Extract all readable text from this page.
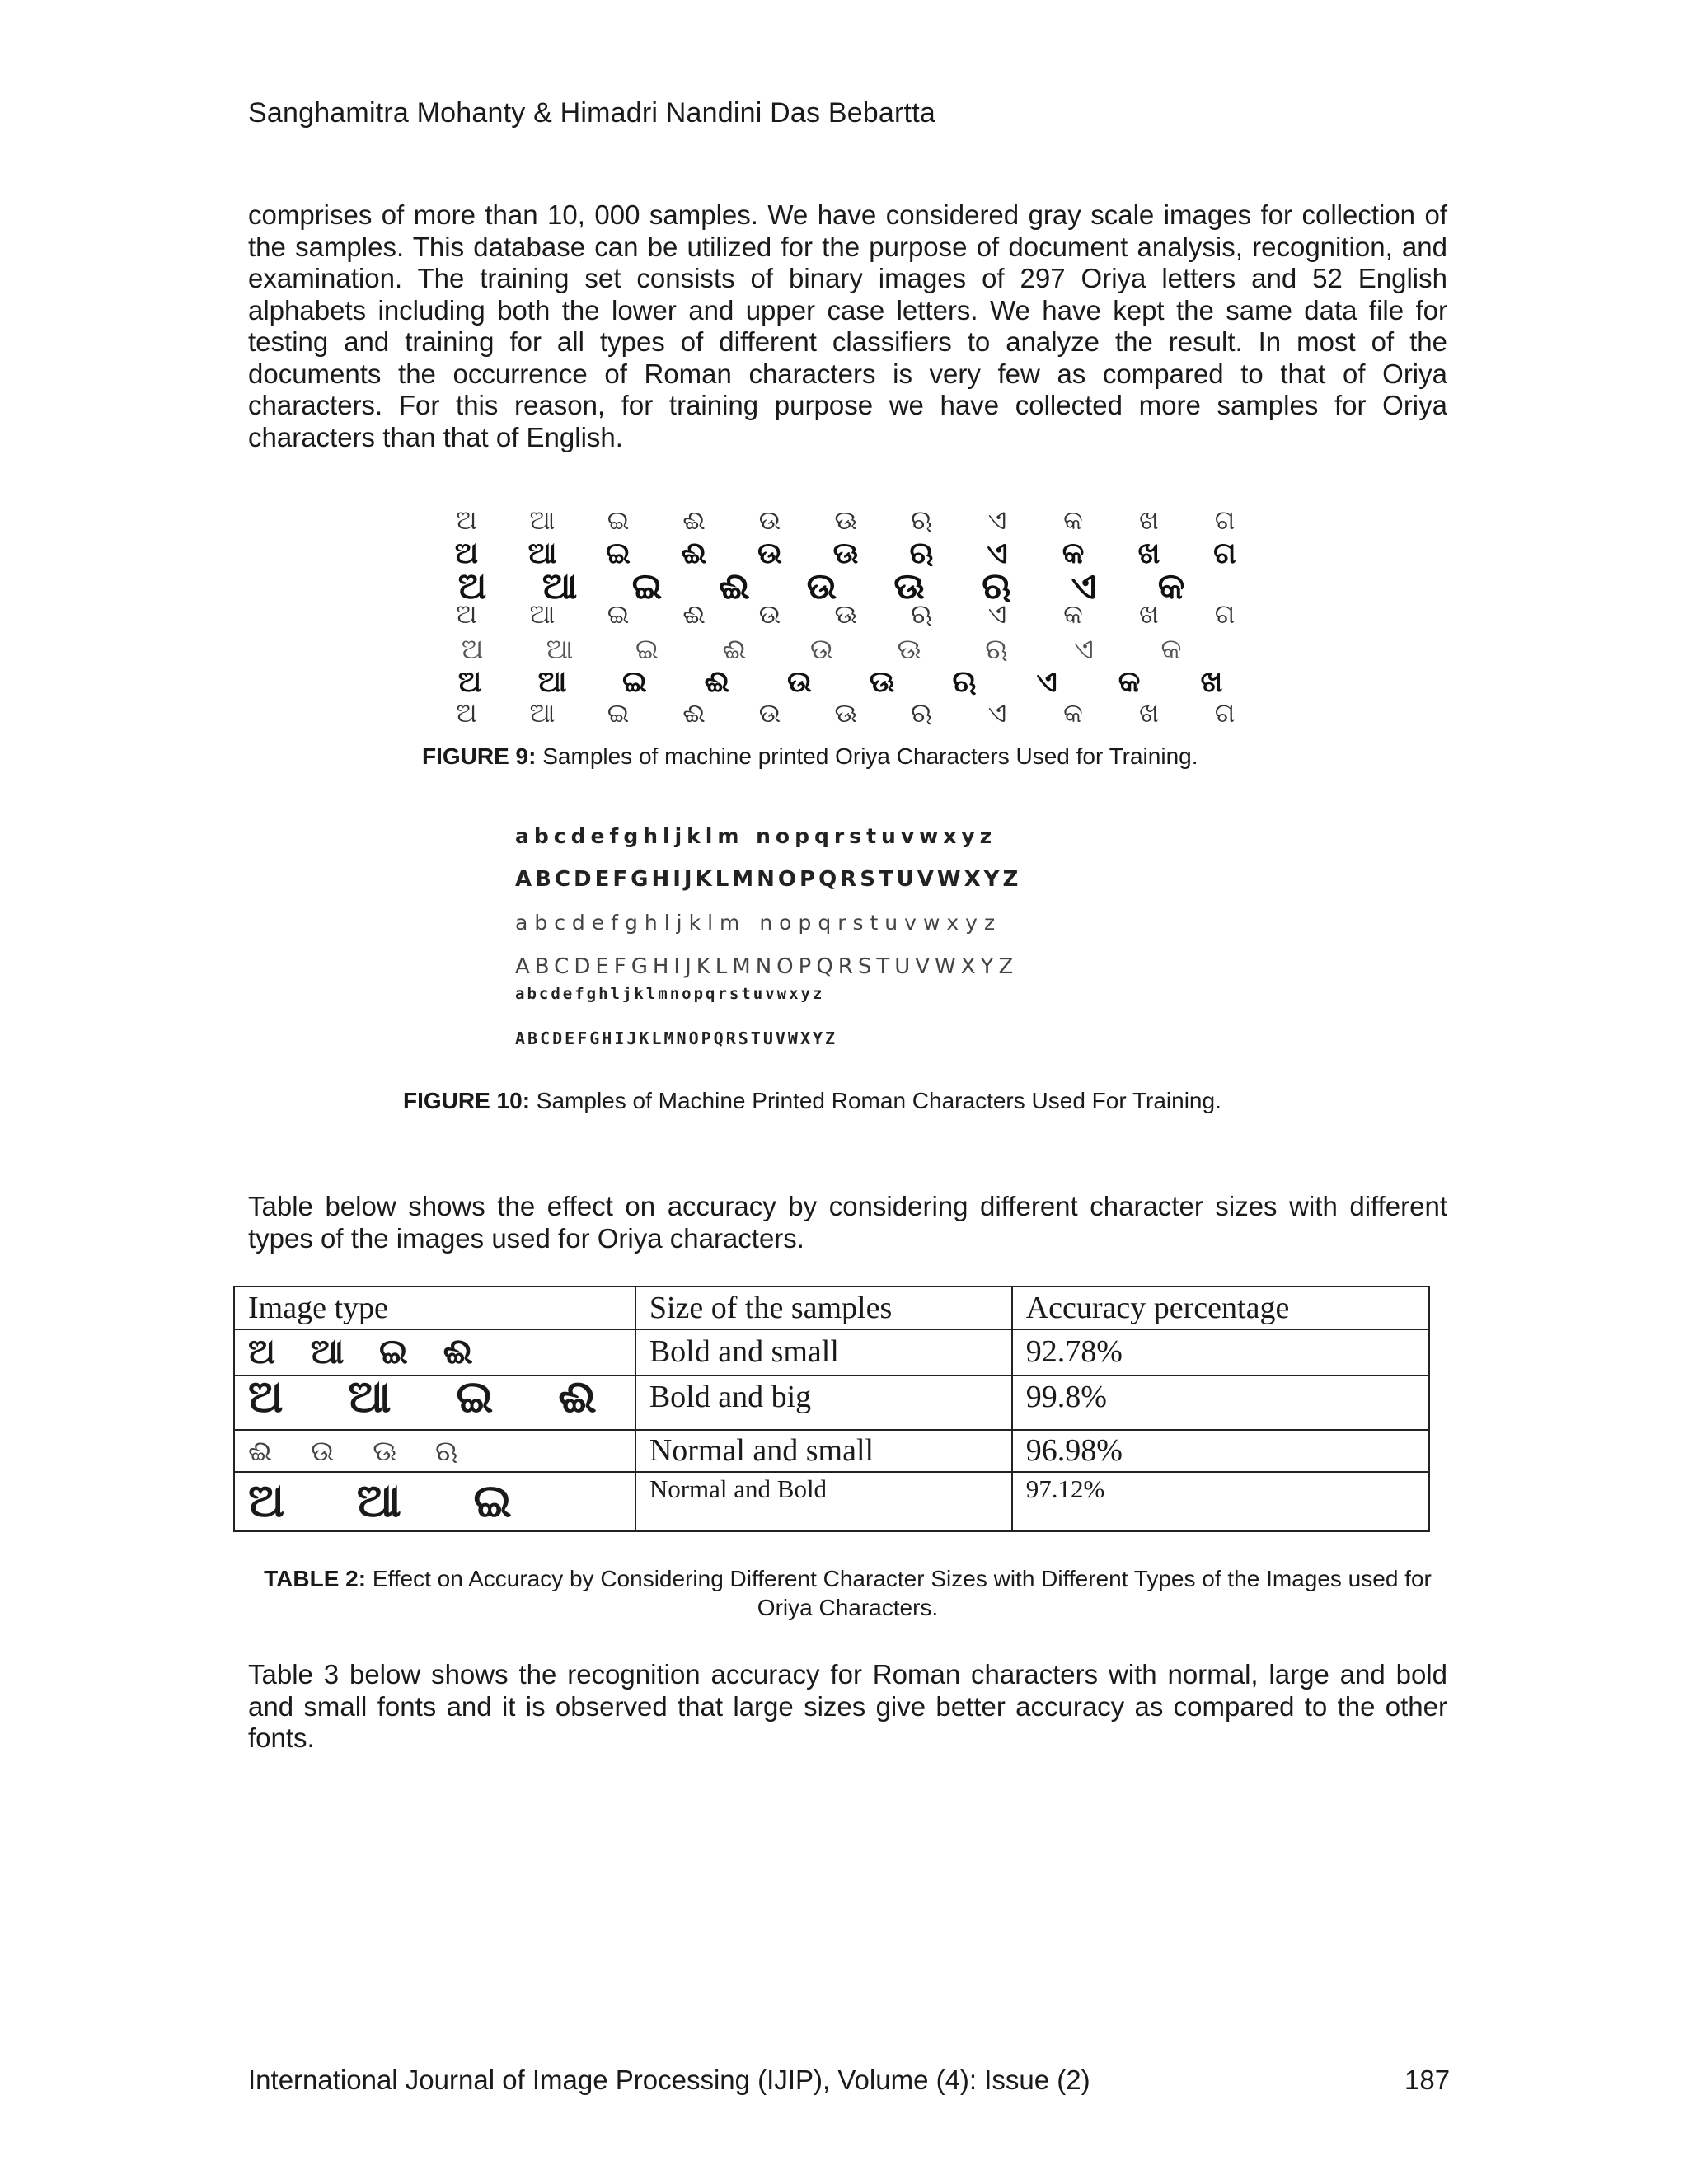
Sanghamitra Mohanty & Himadri Nandini Das Bebartta

comprises of more than 10, 000 samples. We have considered gray scale images for collection of the samples. This database can be utilized for the purpose of document analysis, recognition, and examination. The training set consists of binary images of 297 Oriya letters and 52 English alphabets including both the lower and upper case letters. We have kept the same data file for testing and training for all types of different classifiers to analyze the result. In most of the documents the occurrence of Roman characters is very few as compared to that of Oriya characters. For this reason, for training purpose we have collected more samples for Oriya characters than that of English.

ଅ ଆ ଇ ଈ ଉ ଊ ଋ ଏ କ ଖ ଗ
ଅ ଆ ଇ ଈ ଉ ଊ ଋ ଏ କ ଖ ଗ
ଅ ଆ ଇ ଈ ଉ ଊ ଋ ଏ କ
ଅ ଆ ଇ ଈ ଉ ଊ ଋ ଏ କ ଖ ଗ
ଅ ଆ ଇ ଈ ଉ ଊ ଋ ଏ କ
ଅ ଆ ଇ ଈ ଉ ଊ ଋ ଏ କ ଖ
ଅ ଆ ଇ ଈ ଉ ଊ ଋ ଏ କ ଖ ଗ
FIGURE 9: Samples of machine printed Oriya Characters Used for Training.
abcdefghljklm nopqrstuvwxyz
ABCDEFGHIJKLMNOPQRSTUVWXYZ
abcdefghljklm nopqrstuvwxyz
ABCDEFGHIJKLMNOPQRSTUVWXYZ
abcdefghljklmnopqrstuvwxyz
ABCDEFGHIJKLMNOPQRSTUVWXYZ
FIGURE 10: Samples of Machine Printed Roman Characters Used For Training.

Table below shows the effect on accuracy by considering different character sizes with different types of the images used for Oriya characters.

Image type	Size of the samples	Accuracy percentage
ଅ ଆ ଇ ଈ	Bold and small	92.78%
ଅ ଆ ଇ ଈ	Bold and big	99.8%
ଈ ଉ ଊ ଋ	Normal and small	96.98%
ଅ ଆ ଇ	Normal and Bold	97.12%
TABLE 2: Effect on Accuracy by Considering Different Character Sizes with Different Types of the Images used for Oriya Characters.

Table 3 below shows the recognition accuracy for Roman characters with normal, large and bold and small fonts and it is observed that large sizes give better accuracy as compared to the other fonts.

International Journal of Image Processing (IJIP), Volume (4): Issue (2)	187
